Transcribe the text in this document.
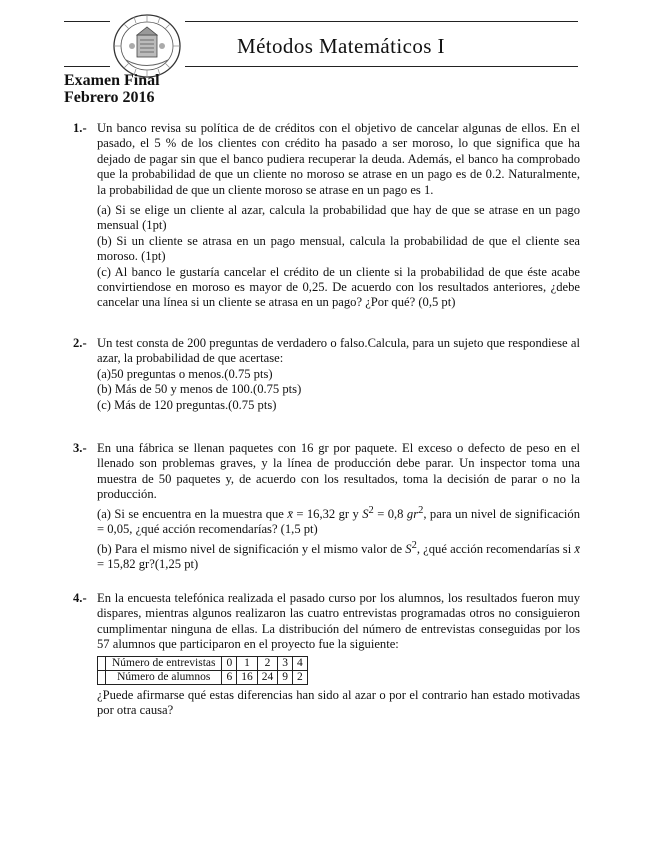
Métodos Matemáticos I
Examen Final
Febrero 2016
1.- Un banco revisa su política de de créditos con el objetivo de cancelar algunas de ellos. En el pasado, el 5 % de los clientes con crédito ha pasado a ser moroso, lo que significa que ha dejado de pagar sin que el banco pudiera recuperar la deuda. Además, el banco ha comprobado que la probabilidad de que un cliente no moroso se atrase en un pago es de 0.2. Naturalmente, la probabilidad de que un cliente moroso se atrase en un pago es 1.

(a) Si se elige un cliente al azar, calcula la probabilidad que hay de que se atrase en un pago mensual (1pt)

(b) Si un cliente se atrasa en un pago mensual, calcula la probabilidad de que el cliente sea moroso. (1pt)

(c) Al banco le gustaría cancelar el crédito de un cliente si la probabilidad de que éste acabe convirtiendose en moroso es mayor de 0,25. De acuerdo con los resultados anteriores, ¿debe cancelar una línea si un cliente se atrasa en un pago? ¿Por qué? (0,5 pt)

2.- Un test consta de 200 preguntas de verdadero o falso.Calcula, para un sujeto que respondiese al azar, la probabilidad de que acertase:

(a)50 preguntas o menos.(0.75 pts)

(b) Más de 50 y menos de 100.(0.75 pts)

(c) Más de 120 preguntas.(0.75 pts)

3.- En una fábrica se llenan paquetes con 16 gr por paquete. El exceso o defecto de peso en el llenado son problemas graves, y la línea de producción debe parar. Un inspector toma una muestra de 50 paquetes y, de acuerdo con los resultados, toma la decisión de parar o no la producción.

(a) Si se encuentra en la muestra que x̄ = 16,32 gr y $S^2 = 0,8$ $gr^2$, para un nivel de significación = 0,05, ¿qué acción recomendarías? (1,5 pt)

(b) Para el mismo nivel de significación y el mismo valor de $S^2$, ¿qué acción recomendarías si x̄ = 15,82 gr?(1,25 pt)

4.- En la encuesta telefónica realizada el pasado curso por los alumnos, los resultados fueron muy dispares, mientras algunos realizaron las cuatro entrevistas programadas otros no consiguieron cumplimentar ninguna de ellas. La distribución del número de entrevistas conseguidas por los 57 alumnos que participaron en el proyecto fue la siguiente:

	Número de entrevistas	0	1	2	3	4
	Número de alumnos	6	16	24	9	2

¿Puede afirmarse qué estas diferencias han sido al azar o por el contrario han estado motivadas por otra causa?
